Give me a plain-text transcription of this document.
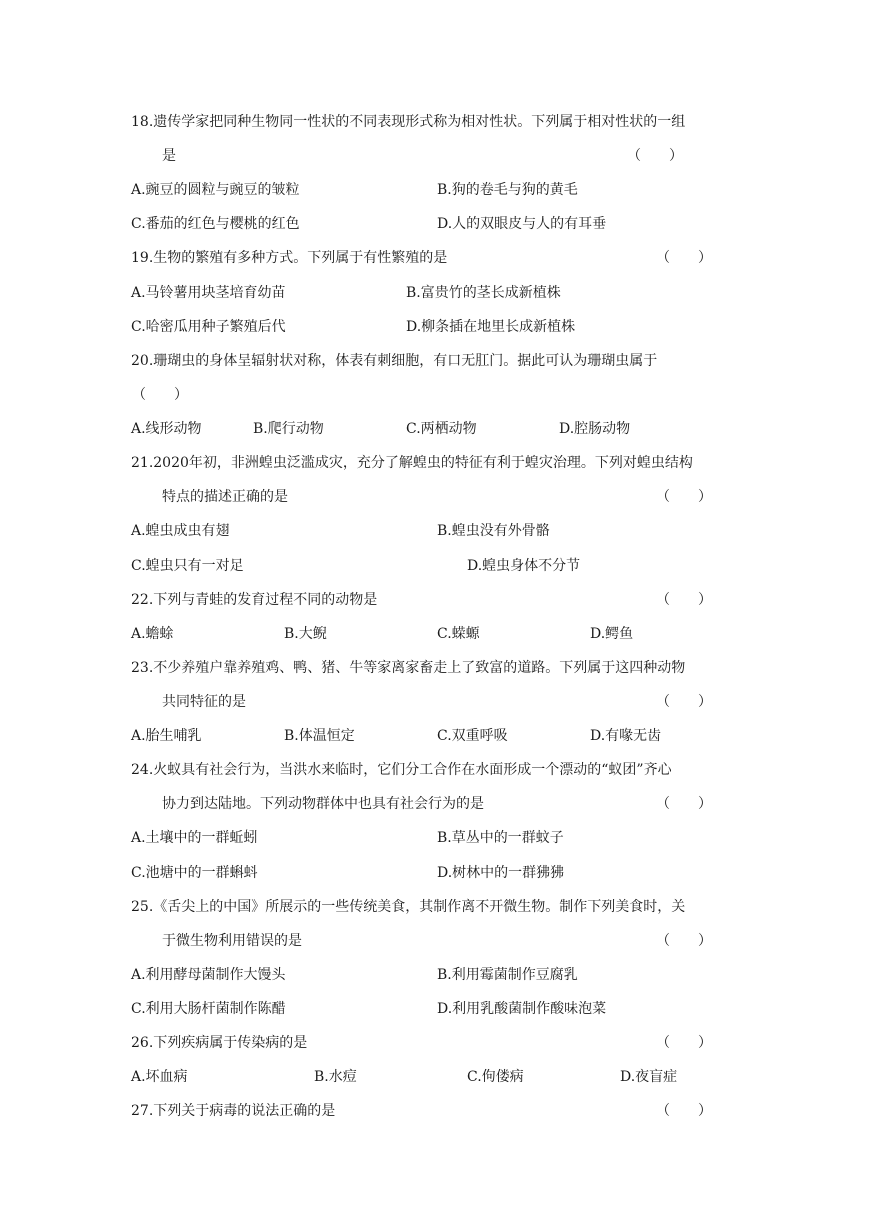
18.遗传学家把同种生物同一性状的不同表现形式称为相对性状。下列属于相对性状的一组
是	（　　）
A.豌豆的圆粒与豌豆的皱粒	B.狗的卷毛与狗的黄毛
C.番茄的红色与樱桃的红色	D.人的双眼皮与人的有耳垂
19.生物的繁殖有多种方式。下列属于有性繁殖的是	（　　）
A.马铃薯用块茎培育幼苗	B.富贵竹的茎长成新植株
C.哈密瓜用种子繁殖后代	D.柳条插在地里长成新植株
20.珊瑚虫的身体呈辐射状对称，体表有刺细胞，有口无肛门。据此可认为珊瑚虫属于
（　　）
A.线形动物	B.爬行动物	C.两栖动物	D.腔肠动物
21.2020年初，非洲蝗虫泛滥成灾，充分了解蝗虫的特征有利于蝗灾治理。下列对蝗虫结构
特点的描述正确的是	（　　）
A.蝗虫成虫有翅	B.蝗虫没有外骨骼
C.蝗虫只有一对足	D.蝗虫身体不分节
22.下列与青蛙的发育过程不同的动物是	（　　）
A.蟾蜍	B.大鲵	C.蝾螈	D.鳄鱼
23.不少养殖户靠养殖鸡、鸭、猪、牛等家离家畜走上了致富的道路。下列属于这四种动物
共同特征的是	（　　）
A.胎生哺乳	B.体温恒定	C.双重呼吸	D.有喙无齿
24.火蚁具有社会行为，当洪水来临时，它们分工合作在水面形成一个漂动的“蚁团”齐心
协力到达陆地。下列动物群体中也具有社会行为的是	（　　）
A.土壤中的一群蚯蚓	B.草丛中的一群蚊子
C.池塘中的一群蝌蚪	D.树林中的一群狒狒
25.《舌尖上的中国》所展示的一些传统美食，其制作离不开微生物。制作下列美食时，关
于微生物利用错误的是	（　　）
A.利用酵母菌制作大馒头	B.利用霉菌制作豆腐乳
C.利用大肠杆菌制作陈醋	D.利用乳酸菌制作酸味泡菜
26.下列疾病属于传染病的是	（　　）
A.坏血病	B.水痘	C.佝偻病	D.夜盲症
27.下列关于病毒的说法正确的是	（　　）
